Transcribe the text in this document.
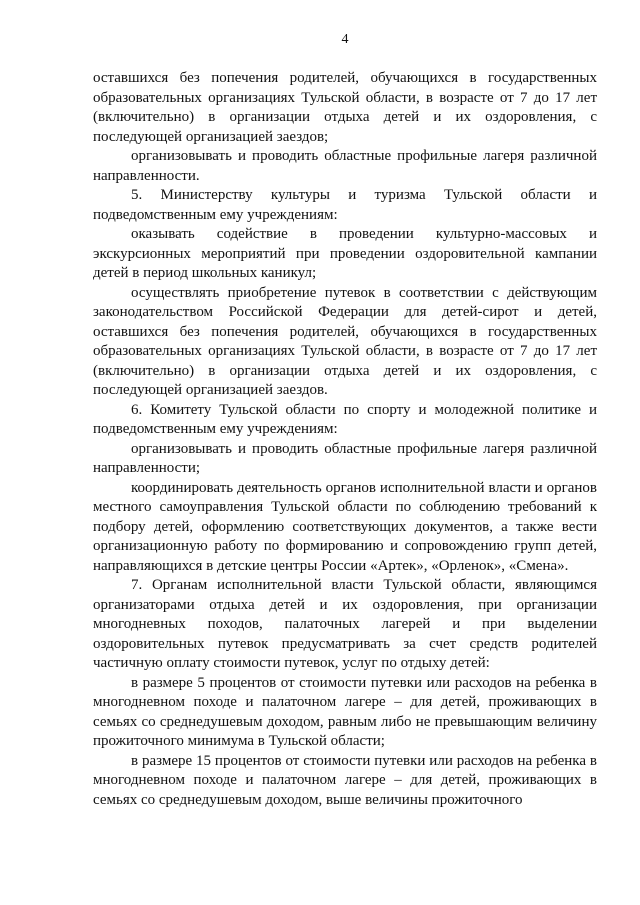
4

оставшихся без попечения родителей, обучающихся в государственных образовательных организациях Тульской области, в возрасте от 7 до 17 лет (включительно) в организации отдыха детей и их оздоровления, с последующей организацией заездов;

организовывать и проводить областные профильные лагеря различной направленности.

5. Министерству культуры и туризма Тульской области и подведомственным ему учреждениям:

оказывать содействие в проведении культурно-массовых и экскурсионных мероприятий при проведении оздоровительной кампании детей в период школьных каникул;

осуществлять приобретение путевок в соответствии с действующим законодательством Российской Федерации для детей-сирот и детей, оставшихся без попечения родителей, обучающихся в государственных образовательных организациях Тульской области, в возрасте от 7 до 17 лет (включительно) в организации отдыха детей и их оздоровления, с последующей организацией заездов.

6. Комитету Тульской области по спорту и молодежной политике и подведомственным ему учреждениям:

организовывать и проводить областные профильные лагеря различной направленности;

координировать деятельность органов исполнительной власти и органов местного самоуправления Тульской области по соблюдению требований к подбору детей, оформлению соответствующих документов, а также вести организационную работу по формированию и сопровождению групп детей, направляющихся в детские центры России «Артек», «Орленок», «Смена».

7. Органам исполнительной власти Тульской области, являющимся организаторами отдыха детей и их оздоровления, при организации многодневных походов, палаточных лагерей и при выделении оздоровительных путевок предусматривать за счет средств родителей частичную оплату стоимости путевок, услуг по отдыху детей:

в размере 5 процентов от стоимости путевки или расходов на ребенка в многодневном походе и палаточном лагере – для детей, проживающих в семьях со среднедушевым доходом, равным либо не превышающим величину прожиточного минимума в Тульской области;

в размере 15 процентов от стоимости путевки или расходов на ребенка в многодневном походе и палаточном лагере – для детей, проживающих в семьях со среднедушевым доходом, выше величины прожиточного
